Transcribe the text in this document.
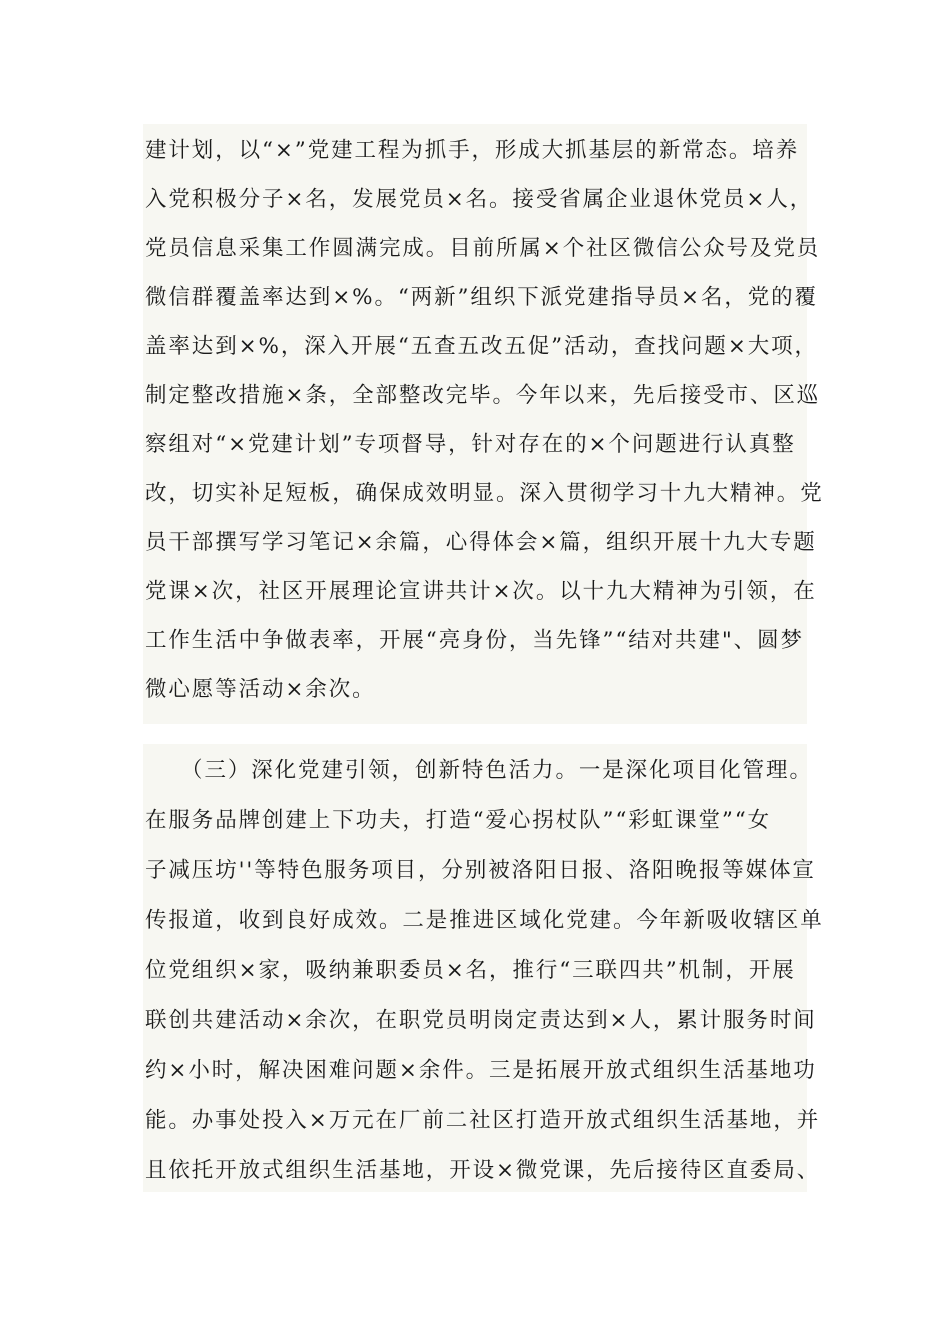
建计划，以“×”党建工程为抓手，形成大抓基层的新常态。培养
入党积极分子×名，发展党员×名。接受省属企业退休党员×人，
党员信息采集工作圆满完成。目前所属×个社区微信公众号及党员
微信群覆盖率达到×%。“两新”组织下派党建指导员×名，党的覆
盖率达到×%，深入开展“五查五改五促”活动，查找问题×大项，
制定整改措施×条，全部整改完毕。今年以来，先后接受市、区巡
察组对“×党建计划”专项督导，针对存在的×个问题进行认真整
改，切实补足短板，确保成效明显。深入贯彻学习十九大精神。党
员干部撰写学习笔记×余篇，心得体会×篇，组织开展十九大专题
党课×次，社区开展理论宣讲共计×次。以十九大精神为引领，在
工作生活中争做表率，开展“亮身份，当先锋”“结对共建"、圆梦
微心愿等活动×余次。
　　（三）深化党建引领，创新特色活力。一是深化项目化管理。
在服务品牌创建上下功夫，打造“爱心拐杖队”“彩虹课堂”“女
子减压坊''等特色服务项目，分别被洛阳日报、洛阳晚报等媒体宣
传报道，收到良好成效。二是推进区域化党建。今年新吸收辖区单
位党组织×家，吸纳兼职委员×名，推行“三联四共”机制，开展
联创共建活动×余次，在职党员明岗定责达到×人，累计服务时间
约×小时，解决困难问题×余件。三是拓展开放式组织生活基地功
能。办事处投入×万元在厂前二社区打造开放式组织生活基地，并
且依托开放式组织生活基地，开设×微党课，先后接待区直委局、
